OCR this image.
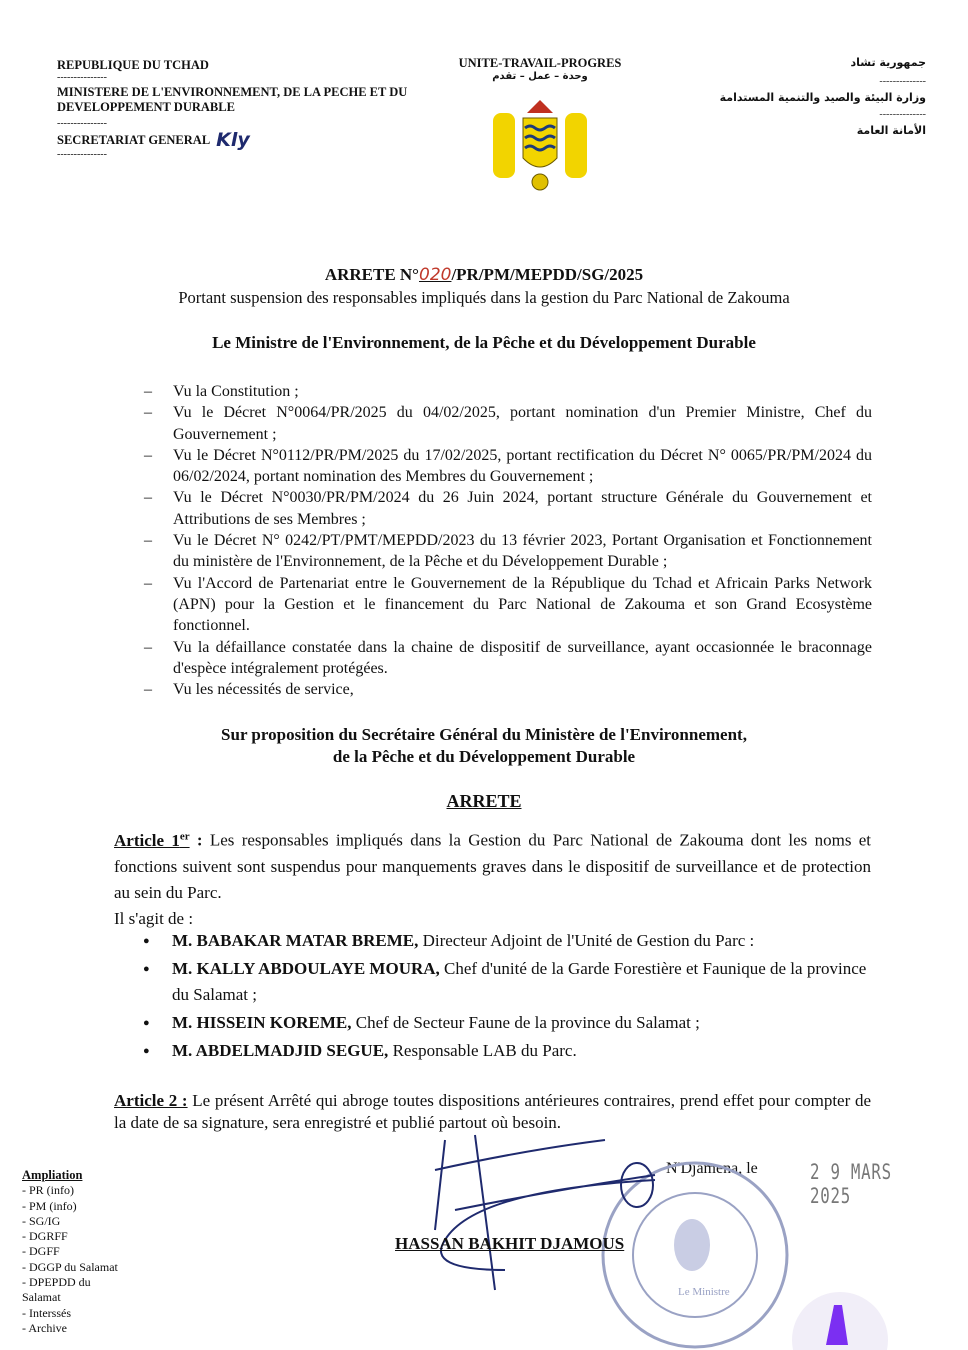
REPUBLIQUE DU TCHAD
---------------
MINISTERE DE L'ENVIRONNEMENT, DE LA PECHE ET DU DEVELOPPEMENT DURABLE
---------------
SECRETARIAT GENERAL Kly
---------------
UNITE-TRAVAIL-PROGRES
وحدة – عمل – تقدم
جمهورية تشاد
--------------
وزارة البيئة والصيد والتنمية المستدامة
--------------
الأمانة العامة
ARRETE N°020/PR/PM/MEPDD/SG/2025
Portant suspension des responsables impliqués dans la gestion du Parc National de Zakouma
Le Ministre de l'Environnement, de la Pêche et du Développement Durable
– Vu la Constitution ;
– Vu le Décret N°0064/PR/2025 du 04/02/2025, portant nomination d'un Premier Ministre, Chef du Gouvernement ;
– Vu le Décret N°0112/PR/PM/2025 du 17/02/2025, portant rectification du Décret N° 0065/PR/PM/2024 du 06/02/2024, portant nomination des Membres du Gouvernement ;
– Vu le Décret N°0030/PR/PM/2024 du 26 Juin 2024, portant structure Générale du Gouvernement et Attributions de ses Membres ;
– Vu le Décret N° 0242/PT/PMT/MEPDD/2023 du 13 février 2023, Portant Organisation et Fonctionnement du ministère de l'Environnement, de la Pêche et du Développement Durable ;
– Vu l'Accord de Partenariat entre le Gouvernement de la République du Tchad et Africain Parks Network (APN) pour la Gestion et le financement du Parc National de Zakouma et son Grand Ecosystème fonctionnel.
– Vu la défaillance constatée dans la chaine de dispositif de surveillance, ayant occasionnée le braconnage d'espèce intégralement protégées.
– Vu les nécessités de service,
Sur proposition du Secrétaire Général du Ministère de l'Environnement,
de la Pêche et du Développement Durable
ARRETE
Article 1er : Les responsables impliqués dans la Gestion du Parc National de Zakouma dont les noms et fonctions suivent sont suspendus pour manquements graves dans le dispositif de surveillance et de protection au sein du Parc.
Il s'agit de :
● M. BABAKAR MATAR BREME, Directeur Adjoint de l'Unité de Gestion du Parc :
● M. KALLY ABDOULAYE MOURA, Chef d'unité de la Garde Forestière et Faunique de la province du Salamat ;
● M. HISSEIN KOREME, Chef de Secteur Faune de la province du Salamat ;
● M. ABDELMADJID SEGUE, Responsable LAB du Parc.
Article 2 : Le présent Arrêté qui abroge toutes dispositions antérieures contraires, prend effet pour compter de la date de sa signature, sera enregistré et publié partout où besoin.
N'Djamena, le 2 9 MARS 2025
Le Ministre
HASSAN BAKHIT DJAMOUS
Ampliation
- PR (info)
- PM (info)
- SG/IG
- DGRFF
- DGFF
- DGGP du Salamat
- DPEPDD du Salamat
- Interssés
- Archive
